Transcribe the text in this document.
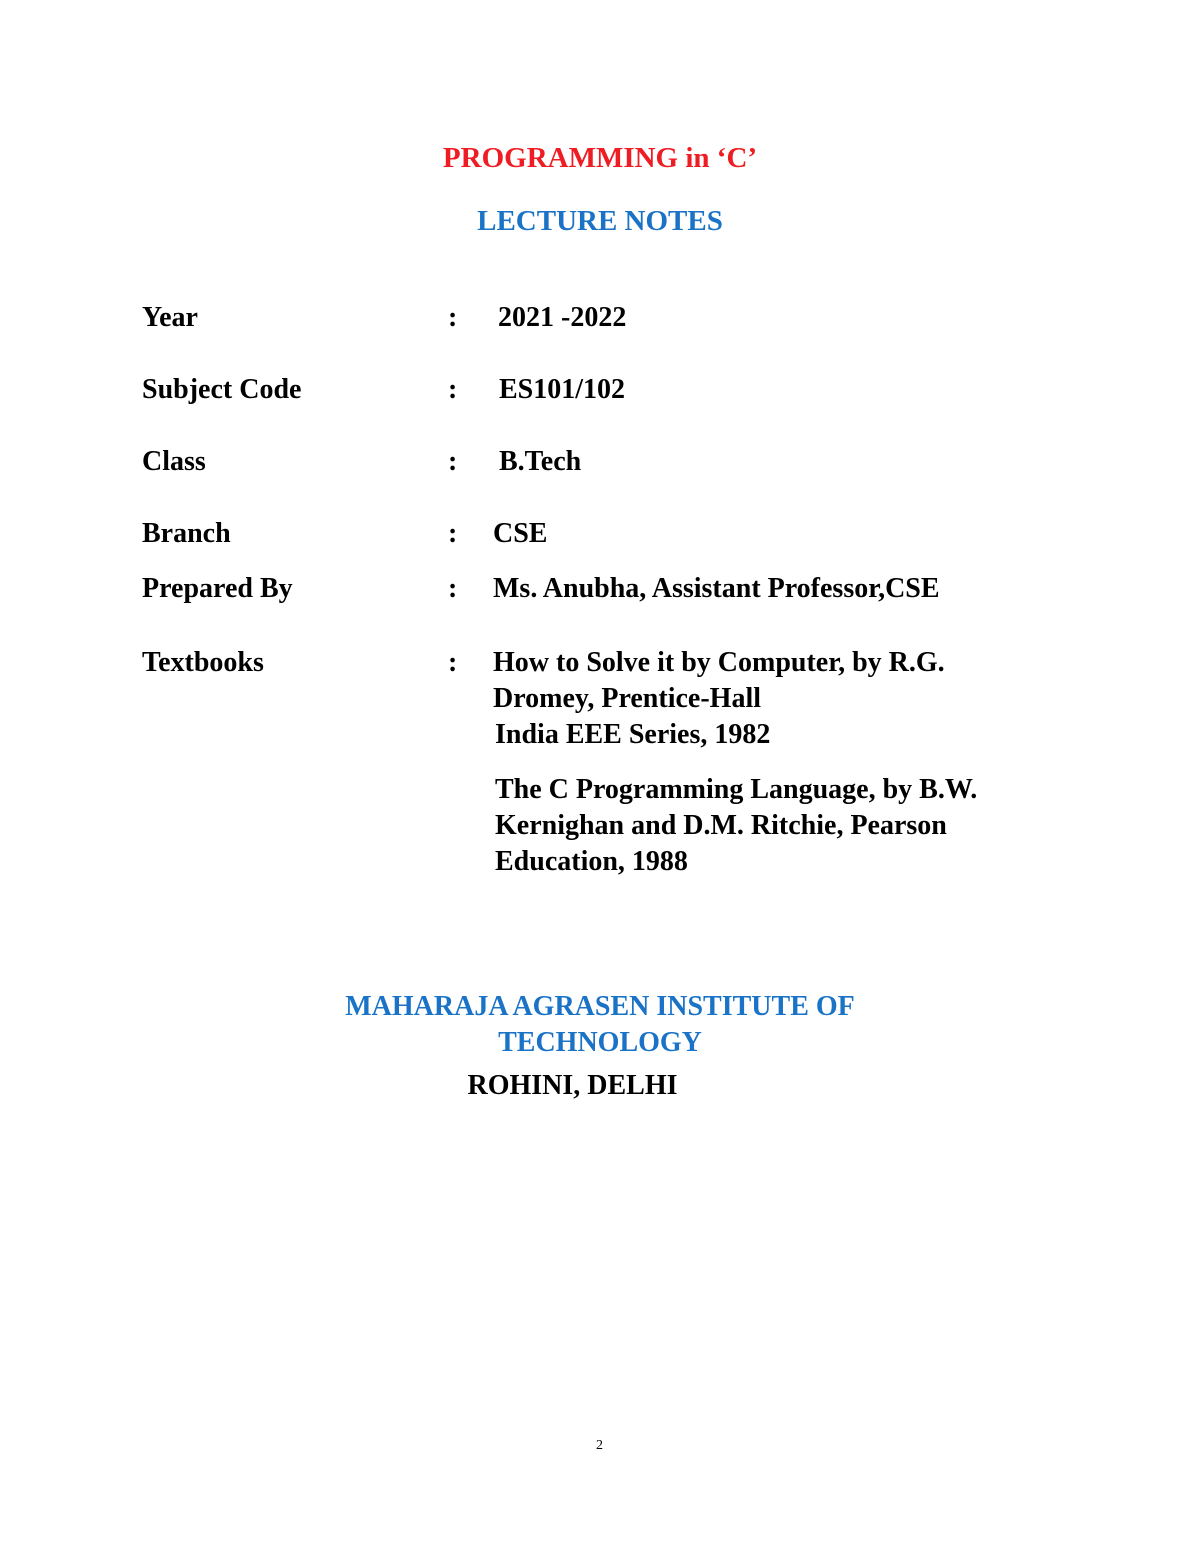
PROGRAMMING in ‘C’
LECTURE NOTES
Year	: 2021 -2022
Subject Code	: ES101/102
Class	: B.Tech
Branch	: CSE
Prepared By	: Ms. Anubha, Assistant Professor,CSE
Textbooks	: How to Solve it by Computer, by R.G.
Dromey, Prentice-Hall
India EEE Series, 1982
The C Programming Language, by B.W.
Kernighan and D.M. Ritchie, Pearson
Education, 1988
MAHARAJA AGRASEN INSTITUTE OF
TECHNOLOGY
ROHINI, DELHI
2
